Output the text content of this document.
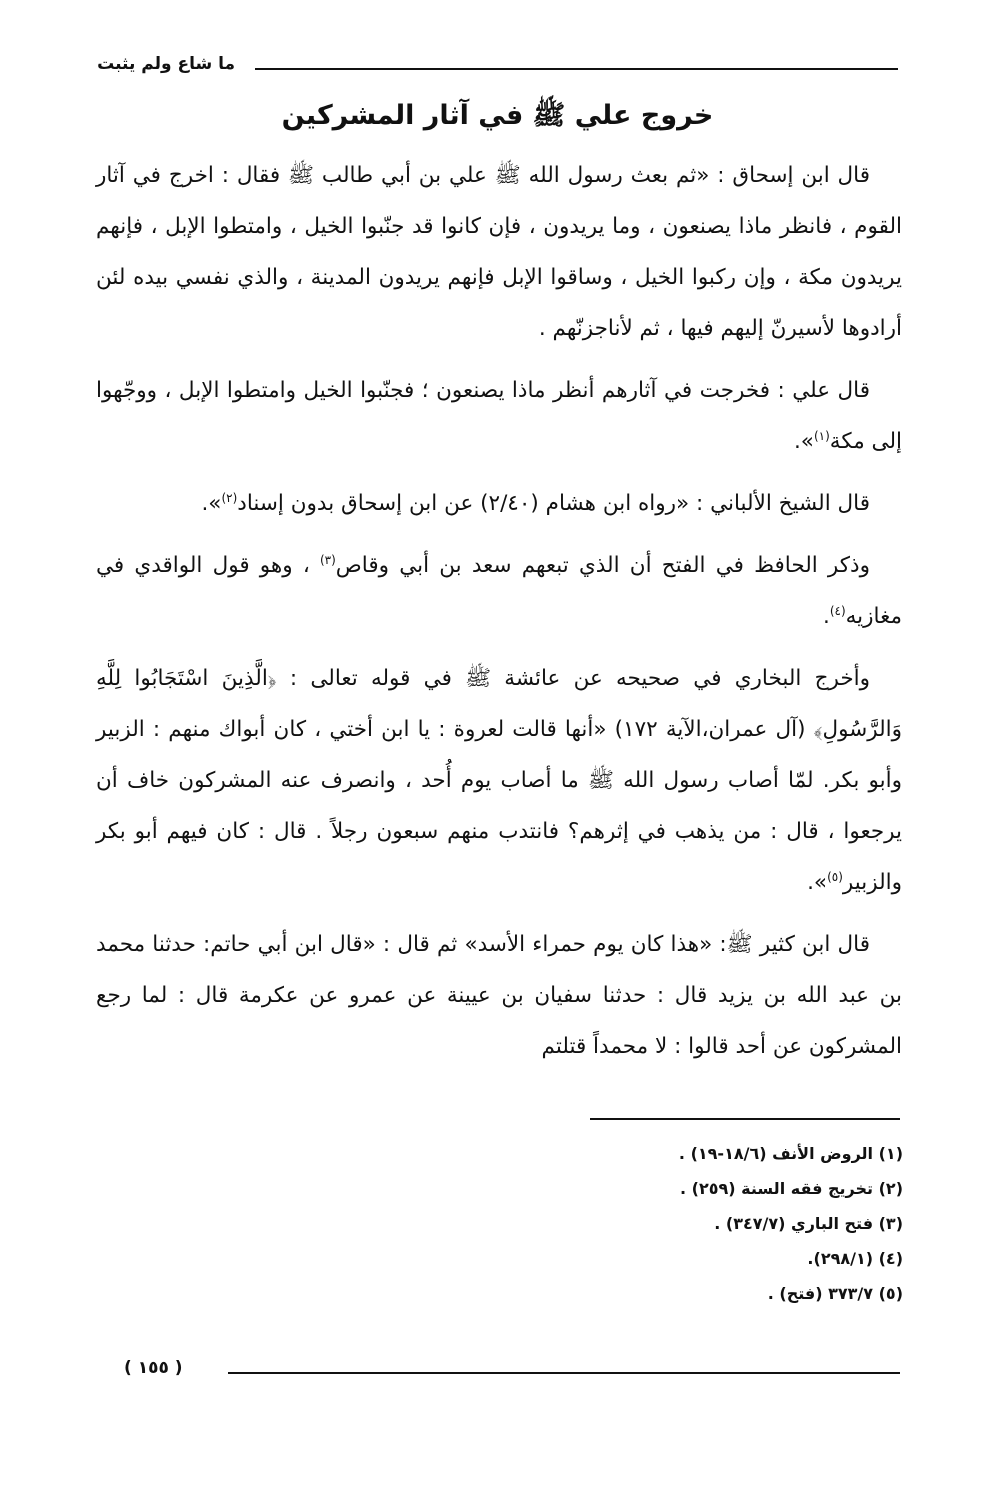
ما شاع ولم يثبت
خروج علي ﷺ في آثار المشركين

قال ابن إسحاق : «ثم بعث رسول الله ﷺ علي بن أبي طالب ﷺ فقال : اخرج في آثار القوم ، فانظر ماذا يصنعون ، وما يريدون ، فإن كانوا قد جنّبوا الخيل ، وامتطوا الإبل ، فإنهم يريدون مكة ، وإن ركبوا الخيل ، وساقوا الإبل فإنهم يريدون المدينة ، والذي نفسي بيده لئن أرادوها لأسيرنّ إليهم فيها ، ثم لأناجزنّهم .

قال علي : فخرجت في آثارهم أنظر ماذا يصنعون ؛ فجنّبوا الخيل وامتطوا الإبل ، ووجّهوا إلى مكة$^{(١)}$».

قال الشيخ الألباني : «رواه ابن هشام (٢/٤٠) عن ابن إسحاق بدون إسناد$^{(٢)}$».

وذكر الحافظ في الفتح أن الذي تبعهم سعد بن أبي وقاص$^{(٣)}$ ، وهو قول الواقدي في مغازيه$^{(٤)}$.

وأخرج البخاري في صحيحه عن عائشة ﷺ في قوله تعالى : ﴿الَّذِينَ اسْتَجَابُوا لِلَّهِ وَالرَّسُولِ﴾ (آل عمران،الآية ١٧٢) «أنها قالت لعروة : يا ابن أختي ، كان أبواك منهم : الزبير وأبو بكر. لمّا أصاب رسول الله ﷺ ما أصاب يوم أُحد ، وانصرف عنه المشركون خاف أن يرجعوا ، قال : من يذهب في إثرهم؟ فانتدب منهم سبعون رجلاً . قال : كان فيهم أبو بكر والزبير$^{(٥)}$».

قال ابن كثير ﷺ: «هذا كان يوم حمراء الأسد» ثم قال : «قال ابن أبي حاتم: حدثنا محمد بن عبد الله بن يزيد قال : حدثنا سفيان بن عيينة عن عمرو عن عكرمة قال : لما رجع المشركون عن أحد قالوا : لا محمداً قتلتم

(١) الروض الأنف (١٨/٦-١٩) .
(٢) تخريج فقه السنة (٢٥٩) .
(٣) فتح الباري (٣٤٧/٧) .
(٤) (٢٩٨/١).
(٥) ٣٧٣/٧ (فتح) .
( ١٥٥ )
